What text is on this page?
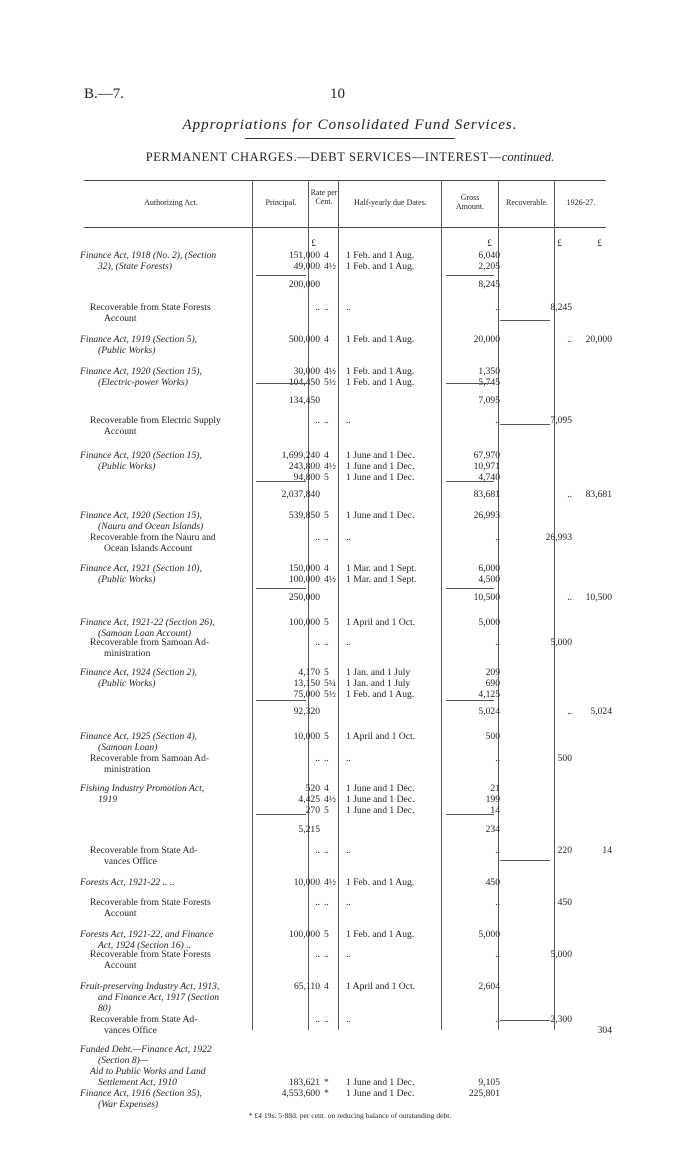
B.—7.	10
Appropriations for Consolidated Fund Services.
PERMANENT CHARGES.—DEBT SERVICES—INTEREST—continued.
Authorizing Act.	Principal.
Rate per Cent.	Half-yearly due Dates.
Gross Amount.	Recoverable.	1926-27.
£	£	£	£
Finance Act, 1918 (No. 2), (Section	151,000 4	1 Feb. and 1 Aug.	6,040
32), (State Forests)	49,000 4½	1 Feb. and 1 Aug.	2,205
200,000	8,245
Recoverable from State Forests	.. ..	..	..	8,245
Account
Finance Act, 1919 (Section 5),	500,000 4	1 Feb. and 1 Aug.	20,000	..	20,000
(Public Works)
Finance Act, 1920 (Section 15),	30,000 4½	1 Feb. and 1 Aug.	1,350
(Electric-power Works)	104,450 5½	1 Feb. and 1 Aug.	5,745
134,450	7,095
Recoverable from Electric Supply	.. ..	..	..	7,095
Account
Finance Act, 1920 (Section 15),	1,699,240 4	1 June and 1 Dec.	67,970
(Public Works)	243,800 4½	1 June and 1 Dec.	10,971
94,800 5	1 June and 1 Dec.	4,740
2,037,840	83,681	..	83,681
Finance Act, 1920 (Section 15),	539,850 5	1 June and 1 Dec.	26,993
(Nauru and Ocean Islands)
Recoverable from the Nauru and	.. ..	..	..	26,993
Ocean Islands Account
Finance Act, 1921 (Section 10),	150,000 4	1 Mar. and 1 Sept.	6,000
(Public Works)	100,000 4½	1 Mar. and 1 Sept.	4,500
250,000	10,500	..	10,500
Finance Act, 1921-22 (Section 26),	100,000 5	1 April and 1 Oct.	5,000
(Samoan Loan Account)
Recoverable from Samoan Ad-	.. ..	..	..	5,000
ministration
Finance Act, 1924 (Section 2),	4,170 5	1 Jan. and 1 July	209
(Public Works)	13,150 5¼	1 Jan. and 1 July	690
75,000 5½	1 Feb. and 1 Aug.	4,125
92,320	5,024	..	5,024
Finance Act, 1925 (Section 4),	10,000 5	1 April and 1 Oct.	500
(Samoan Loan)
Recoverable from Samoan Ad-	.. ..	..	..	500
ministration
Fishing Industry Promotion Act,	520 4	1 June and 1 Dec.	21
1919	4,425 4½	1 June and 1 Dec.	199
270 5	1 June and 1 Dec.	14
5,215	234
Recoverable from State Ad-	.. ..	..	..	220	14
vances Office
Forests Act, 1921-22 .. ..	10,000 4½	1 Feb. and 1 Aug.	450
Recoverable from State Forests	.. ..	..	..	450
Account
Forests Act, 1921-22, and Finance	100,000 5	1 Feb. and 1 Aug.	5,000
Act, 1924 (Section 16) ..
Recoverable from State Forests	.. ..	..	..	5,000
Account
Fruit-preserving Industry Act, 1913,	65,110 4	1 April and 1 Oct.	2,604
and Finance Act, 1917 (Section
80)
Recoverable from State Ad-	.. ..	..	..	2,300
vances Office	304
Funded Debt.—Finance Act, 1922
(Section 8)—
Aid to Public Works and Land
Settlement Act, 1910	183,621 *	1 June and 1 Dec.	9,105
Finance Act, 1916 (Section 35),	4,553,600 *	1 June and 1 Dec.	225,801
(War Expenses)
* £4 19s. 5·88d. per cent. on reducing balance of outstanding debt.
